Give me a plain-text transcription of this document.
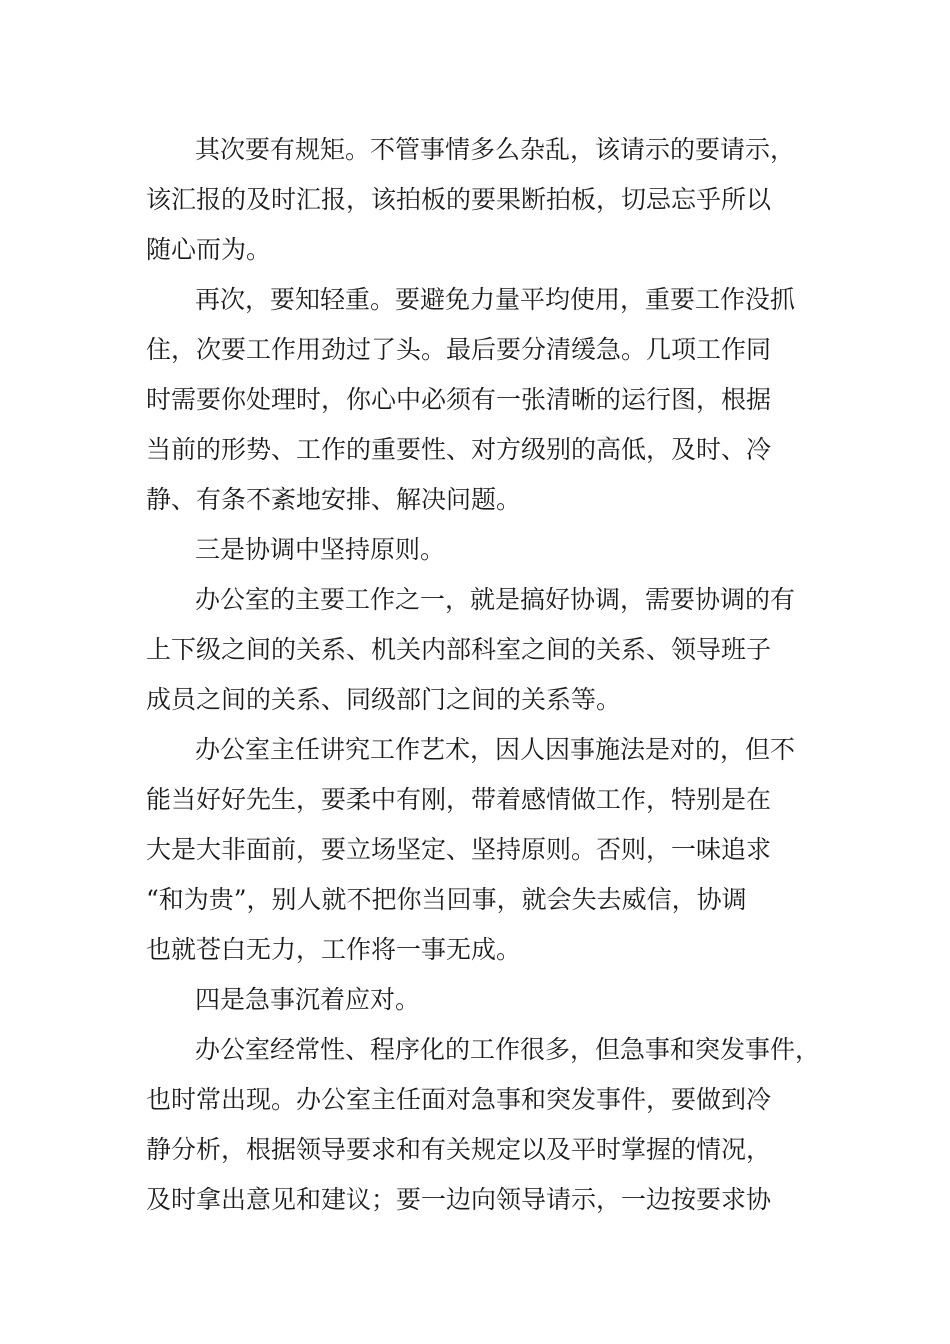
其次要有规矩。不管事情多么杂乱，该请示的要请示，
该汇报的及时汇报，该拍板的要果断拍板，切忌忘乎所以
随心而为。
再次，要知轻重。要避免力量平均使用，重要工作没抓
住，次要工作用劲过了头。最后要分清缓急。几项工作同
时需要你处理时，你心中必须有一张清晰的运行图，根据
当前的形势、工作的重要性、对方级别的高低，及时、冷
静、有条不紊地安排、解决问题。
三是协调中坚持原则。
办公室的主要工作之一，就是搞好协调，需要协调的有
上下级之间的关系、机关内部科室之间的关系、领导班子
成员之间的关系、同级部门之间的关系等。
办公室主任讲究工作艺术，因人因事施法是对的，但不
能当好好先生，要柔中有刚，带着感情做工作，特别是在
大是大非面前，要立场坚定、坚持原则。否则，一味追求
“和为贵”，别人就不把你当回事，就会失去威信，协调
也就苍白无力，工作将一事无成。
四是急事沉着应对。
办公室经常性、程序化的工作很多，但急事和突发事件，
也时常出现。办公室主任面对急事和突发事件，要做到冷
静分析，根据领导要求和有关规定以及平时掌握的情况，
及时拿出意见和建议；要一边向领导请示，一边按要求协
